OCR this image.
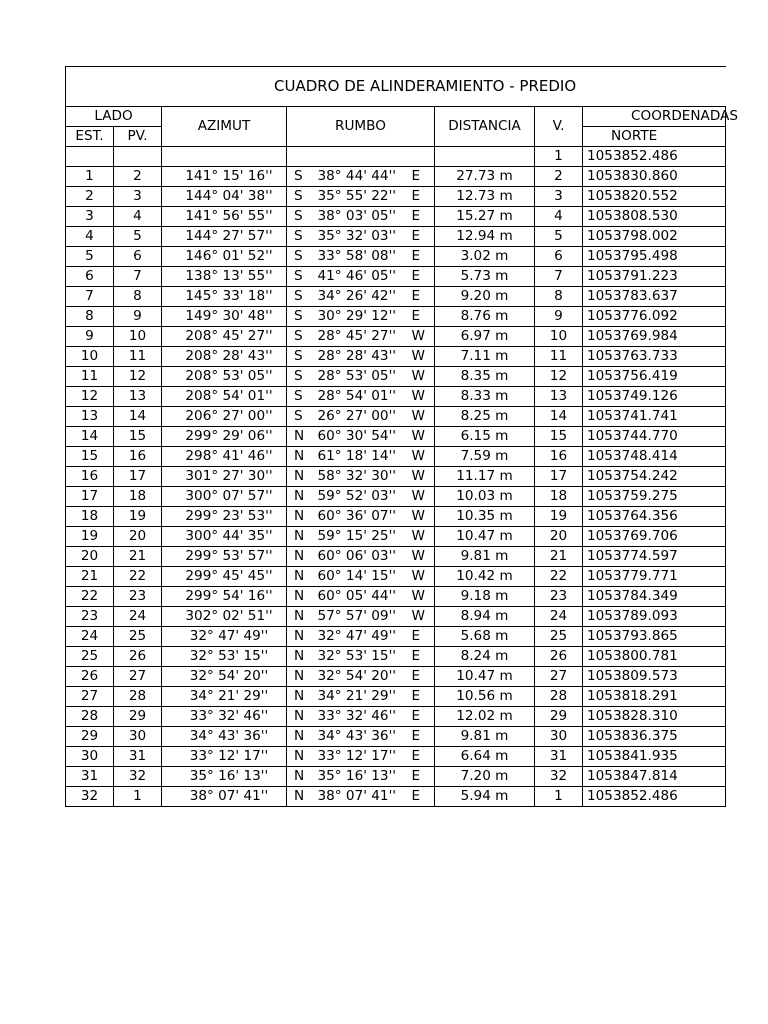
CUADRO DE ALINDERAMIENTO - PREDIO								
LADO		AZIMUT	RUMBO			DISTANCIA	V.	COORDENADAS
EST.	PV.							NORTE
							1	1053852.486
1	2	141° 15' 16''	S	38° 44' 44''	E	27.73 m	2	1053830.860
2	3	144° 04' 38''	S	35° 55' 22''	E	12.73 m	3	1053820.552
3	4	141° 56' 55''	S	38° 03' 05''	E	15.27 m	4	1053808.530
4	5	144° 27' 57''	S	35° 32' 03''	E	12.94 m	5	1053798.002
5	6	146° 01' 52''	S	33° 58' 08''	E	3.02 m	6	1053795.498
6	7	138° 13' 55''	S	41° 46' 05''	E	5.73 m	7	1053791.223
7	8	145° 33' 18''	S	34° 26' 42''	E	9.20 m	8	1053783.637
8	9	149° 30' 48''	S	30° 29' 12''	E	8.76 m	9	1053776.092
9	10	208° 45' 27''	S	28° 45' 27''	W	6.97 m	10	1053769.984
10	11	208° 28' 43''	S	28° 28' 43''	W	7.11 m	11	1053763.733
11	12	208° 53' 05''	S	28° 53' 05''	W	8.35 m	12	1053756.419
12	13	208° 54' 01''	S	28° 54' 01''	W	8.33 m	13	1053749.126
13	14	206° 27' 00''	S	26° 27' 00''	W	8.25 m	14	1053741.741
14	15	299° 29' 06''	N	60° 30' 54''	W	6.15 m	15	1053744.770
15	16	298° 41' 46''	N	61° 18' 14''	W	7.59 m	16	1053748.414
16	17	301° 27' 30''	N	58° 32' 30''	W	11.17 m	17	1053754.242
17	18	300° 07' 57''	N	59° 52' 03''	W	10.03 m	18	1053759.275
18	19	299° 23' 53''	N	60° 36' 07''	W	10.35 m	19	1053764.356
19	20	300° 44' 35''	N	59° 15' 25''	W	10.47 m	20	1053769.706
20	21	299° 53' 57''	N	60° 06' 03''	W	9.81 m	21	1053774.597
21	22	299° 45' 45''	N	60° 14' 15''	W	10.42 m	22	1053779.771
22	23	299° 54' 16''	N	60° 05' 44''	W	9.18 m	23	1053784.349
23	24	302° 02' 51''	N	57° 57' 09''	W	8.94 m	24	1053789.093
24	25	32° 47' 49''	N	32° 47' 49''	E	5.68 m	25	1053793.865
25	26	32° 53' 15''	N	32° 53' 15''	E	8.24 m	26	1053800.781
26	27	32° 54' 20''	N	32° 54' 20''	E	10.47 m	27	1053809.573
27	28	34° 21' 29''	N	34° 21' 29''	E	10.56 m	28	1053818.291
28	29	33° 32' 46''	N	33° 32' 46''	E	12.02 m	29	1053828.310
29	30	34° 43' 36''	N	34° 43' 36''	E	9.81 m	30	1053836.375
30	31	33° 12' 17''	N	33° 12' 17''	E	6.64 m	31	1053841.935
31	32	35° 16' 13''	N	35° 16' 13''	E	7.20 m	32	1053847.814
32	1	38° 07' 41''	N	38° 07' 41''	E	5.94 m	1	1053852.486
